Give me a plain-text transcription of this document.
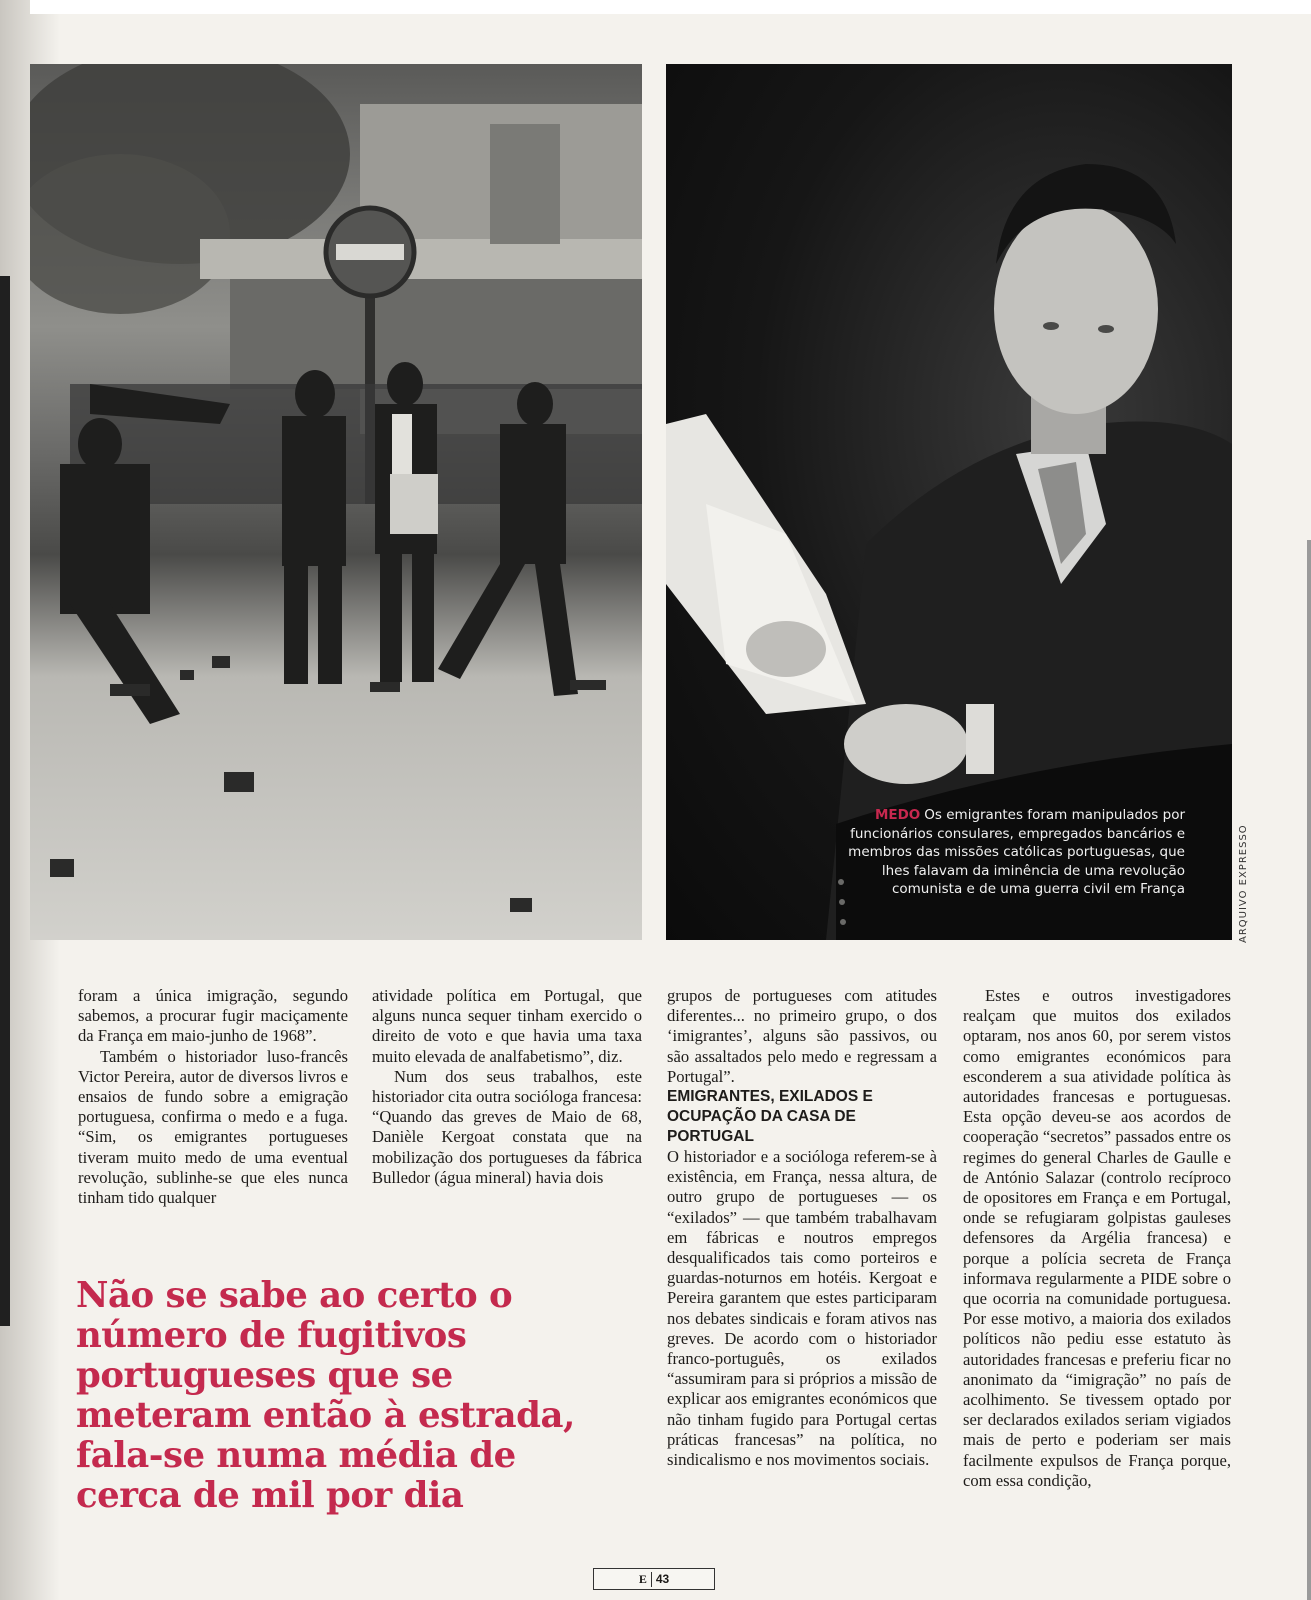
MEDO Os emigrantes foram manipulados por funcionários consulares, empregados bancários e membros das missões católicas portuguesas, que lhes falavam da iminência de uma revolução comunista e de uma guerra civil em França	ARQUIVO EXPRESSO

foram a única imigração, segundo sabemos, a procurar fugir maciçamente da França em maio-junho de 1968”.

Também o historiador luso-francês Victor Pereira, autor de diversos livros e ensaios de fundo sobre a emigração portuguesa, confirma o medo e a fuga. “Sim, os emigrantes portugueses tiveram muito medo de uma eventual revolução, sublinhe-se que eles nunca tinham tido qualquer

atividade política em Portugal, que alguns nunca sequer tinham exercido o direito de voto e que havia uma taxa muito elevada de analfabetismo”, diz.

Num dos seus trabalhos, este historiador cita outra socióloga francesa: “Quando das greves de Maio de 68, Danièle Kergoat constata que na mobilização dos portugueses da fábrica Bulledor (água mineral) havia dois

grupos de portugueses com atitudes diferentes... no primeiro grupo, o dos ‘imigrantes’, alguns são passivos, ou são assaltados pelo medo e regressam a Portugal”.

EMIGRANTES, EXILADOS E OCUPAÇÃO DA CASA DE PORTUGAL

O historiador e a socióloga referem-se à existência, em França, nessa altura, de outro grupo de portugueses — os “exilados” — que também trabalhavam em fábricas e noutros empregos desqualificados tais como porteiros e guardas-noturnos em hotéis. Kergoat e Pereira garantem que estes participaram nos debates sindicais e foram ativos nas greves. De acordo com o historiador franco-português, os exilados “assumiram para si próprios a missão de explicar aos emigrantes económicos que não tinham fugido para Portugal certas práticas francesas” na política, no sindicalismo e nos movimentos sociais.

Estes e outros investigadores realçam que muitos dos exilados optaram, nos anos 60, por serem vistos como emigrantes económicos para esconderem a sua atividade política às autoridades francesas e portuguesas. Esta opção deveu-se aos acordos de cooperação “secretos” passados entre os regimes do general Charles de Gaulle e de António Salazar (controlo recíproco de opositores em França e em Portugal, onde se refugiaram golpistas gauleses defensores da Argélia francesa) e porque a polícia secreta de França informava regularmente a PIDE sobre o que ocorria na comunidade portuguesa. Por esse motivo, a maioria dos exilados políticos não pediu esse estatuto às autoridades francesas e preferiu ficar no anonimato da “imigração” no país de acolhimento. Se tivessem optado por ser declarados exilados seriam vigiados mais de perto e poderiam ser mais facilmente expulsos de França porque, com essa condição,

Não se sabe ao certo o número de fugitivos portugueses que se meteram então à estrada, fala-se numa média de cerca de mil por dia
E 43
